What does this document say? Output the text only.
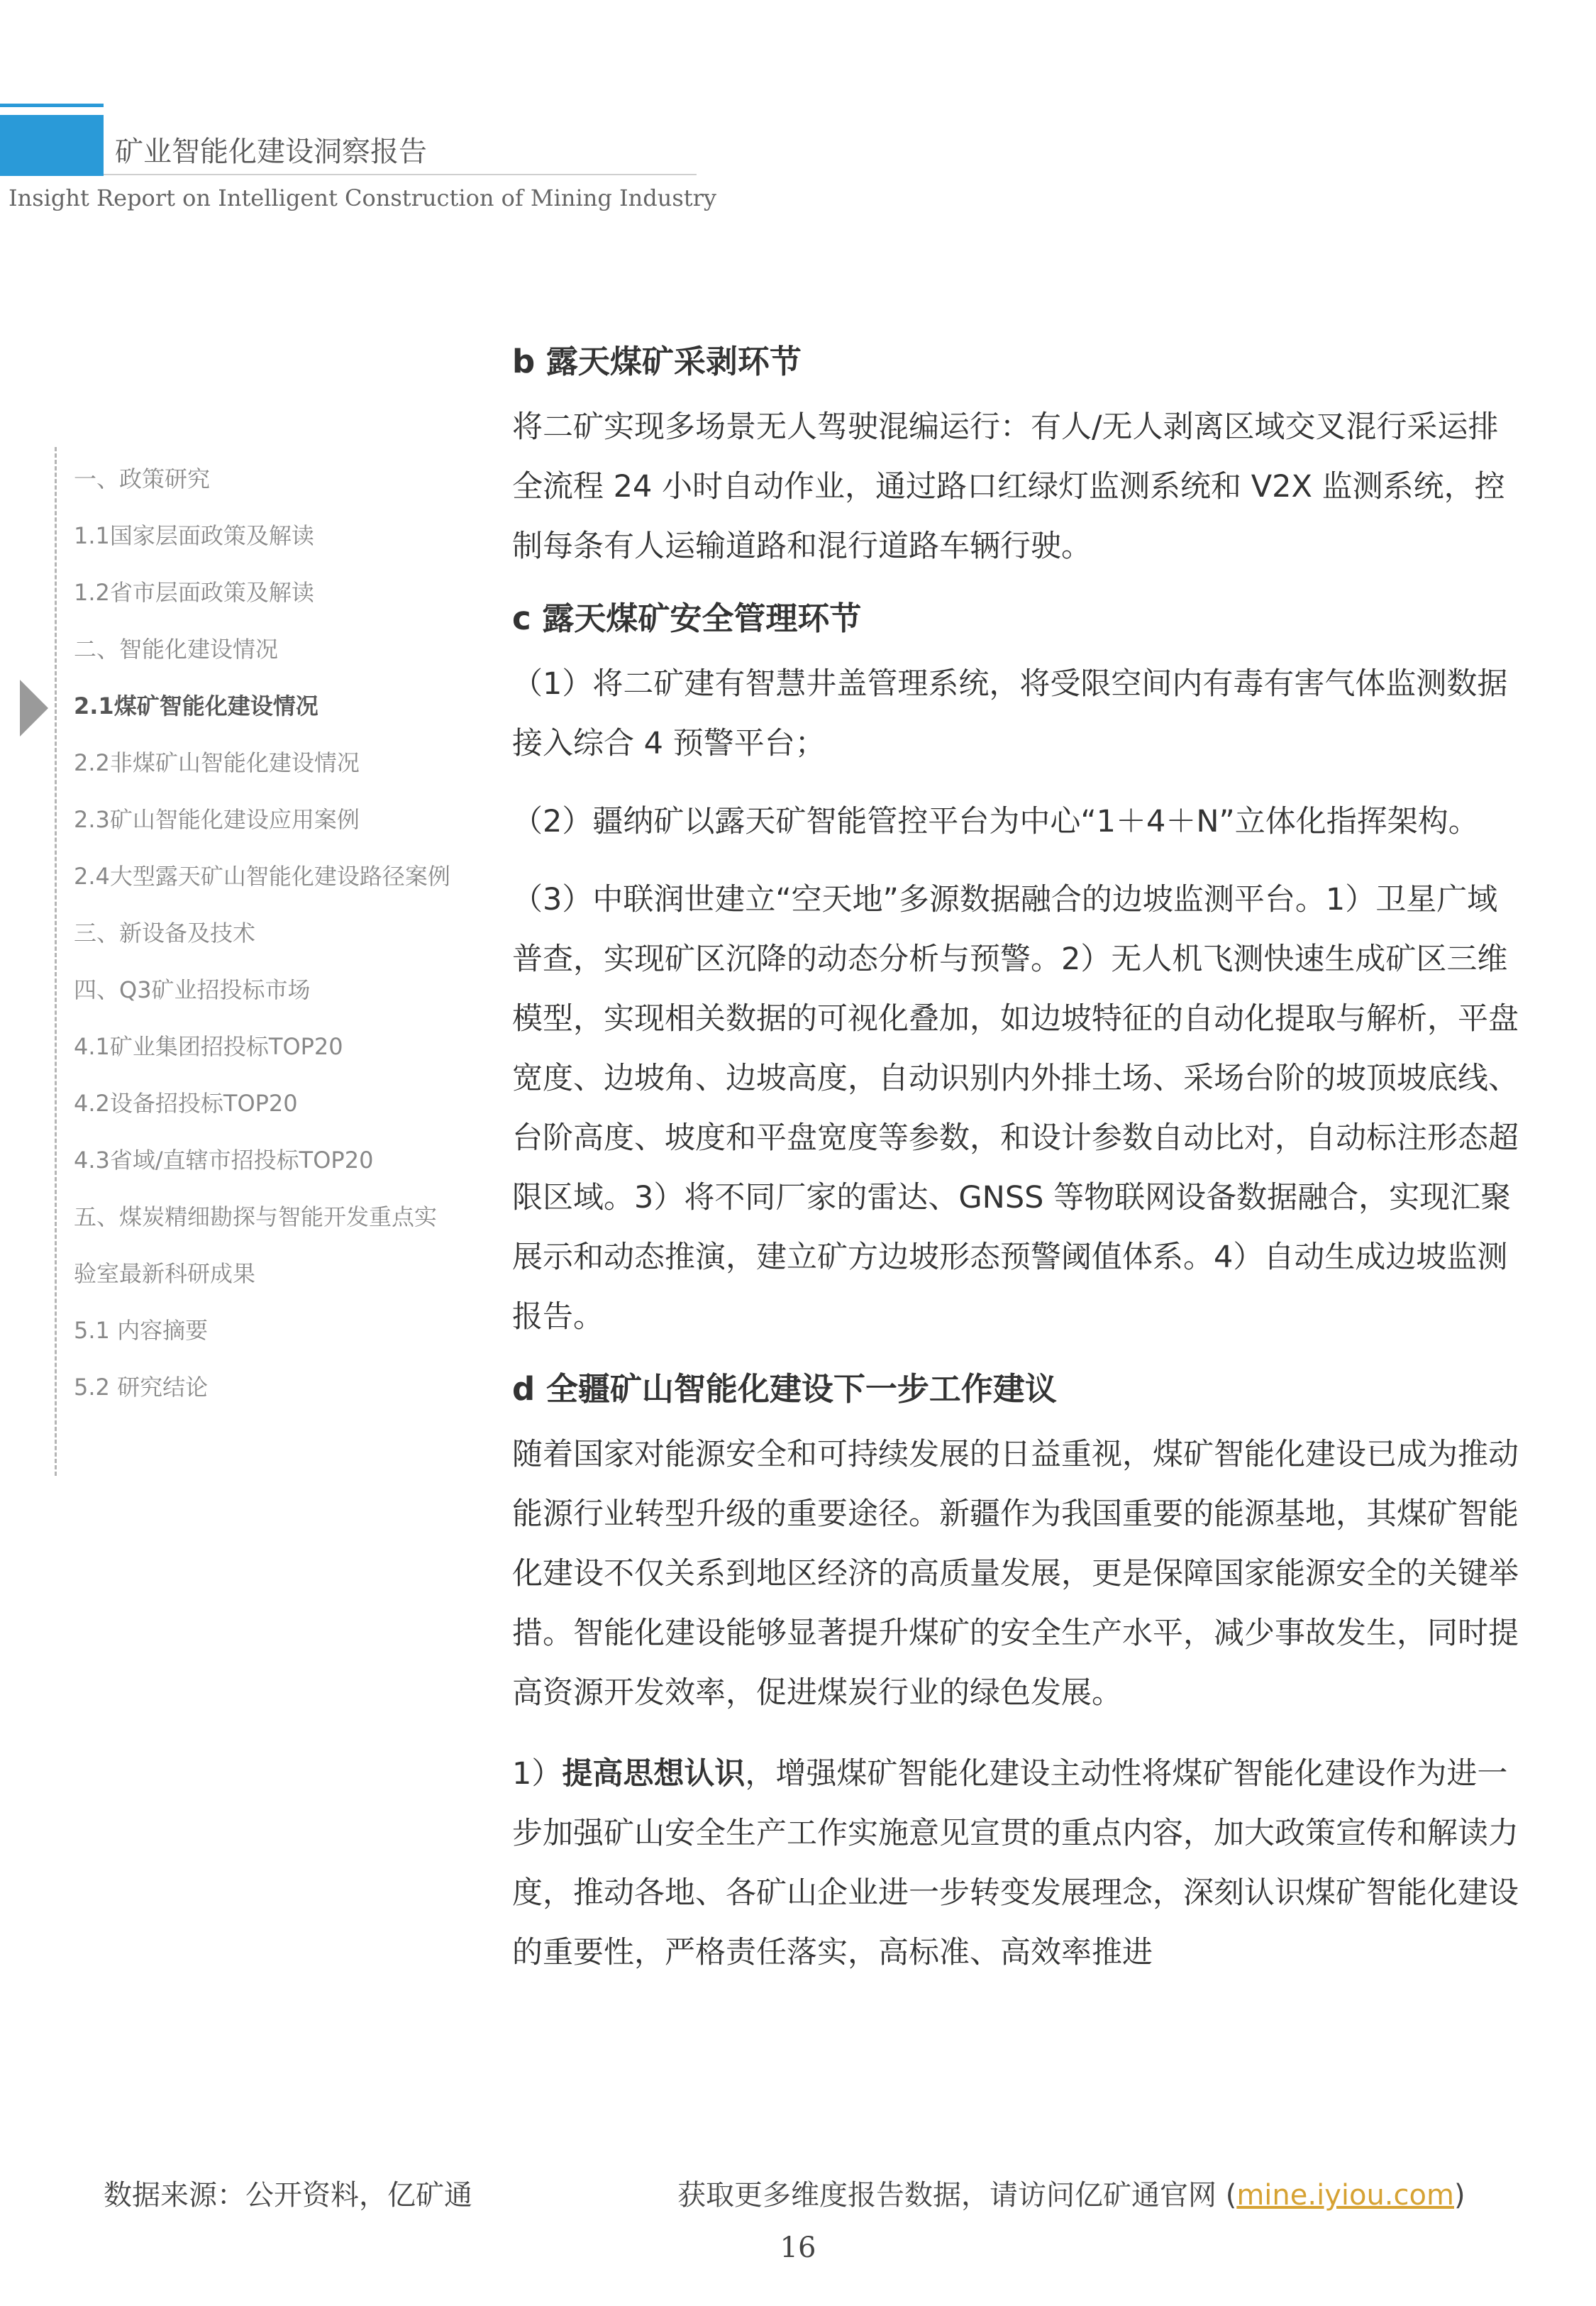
矿业智能化建设洞察报告
Insight Report on Intelligent Construction of Mining Industry
一、政策研究
1.1国家层面政策及解读
1.2省市层面政策及解读
二、智能化建设情况
2.1煤矿智能化建设情况
2.2非煤矿山智能化建设情况
2.3矿山智能化建设应用案例
2.4大型露天矿山智能化建设路径案例
三、新设备及技术
四、Q3矿业招投标市场
4.1矿业集团招投标TOP20
4.2设备招投标TOP20
4.3省域/直辖市招投标TOP20
五、煤炭精细勘探与智能开发重点实
验室最新科研成果
5.1 内容摘要
5.2 研究结论
b 露天煤矿采剥环节

将二矿实现多场景无人驾驶混编运行：有人/无人剥离区域交叉混行采运排全流程 24 小时自动作业，通过路口红绿灯监测系统和 V2X 监测系统，控制每条有人运输道路和混行道路车辆行驶。

c 露天煤矿安全管理环节

（1）将二矿建有智慧井盖管理系统，将受限空间内有毒有害气体监测数据接入综合 4 预警平台；

（2）疆纳矿以露天矿智能管控平台为中心“1＋4＋N”立体化指挥架构。

（3）中联润世建立“空天地”多源数据融合的边坡监测平台。1）卫星广域普查，实现矿区沉降的动态分析与预警。2）无人机飞测快速生成矿区三维模型，实现相关数据的可视化叠加，如边坡特征的自动化提取与解析，平盘宽度、边坡角、边坡高度，自动识别内外排土场、采场台阶的坡顶坡底线、台阶高度、坡度和平盘宽度等参数，和设计参数自动比对，自动标注形态超限区域。3）将不同厂家的雷达、GNSS 等物联网设备数据融合，实现汇聚展示和动态推演，建立矿方边坡形态预警阈值体系。4）自动生成边坡监测报告。

d 全疆矿山智能化建设下一步工作建议

随着国家对能源安全和可持续发展的日益重视，煤矿智能化建设已成为推动能源行业转型升级的重要途径。新疆作为我国重要的能源基地，其煤矿智能化建设不仅关系到地区经济的高质量发展，更是保障国家能源安全的关键举措。智能化建设能够显著提升煤矿的安全生产水平，减少事故发生，同时提高资源开发效率，促进煤炭行业的绿色发展。

1）提高思想认识，增强煤矿智能化建设主动性将煤矿智能化建设作为进一步加强矿山安全生产工作实施意见宣贯的重点内容，加大政策宣传和解读力度，推动各地、各矿山企业进一步转变发展理念，深刻认识煤矿智能化建设的重要性，严格责任落实，高标准、高效率推进

数据来源：公开资料，亿矿通	获取更多维度报告数据，请访问亿矿通官网 (mine.iyiou.com)
16
